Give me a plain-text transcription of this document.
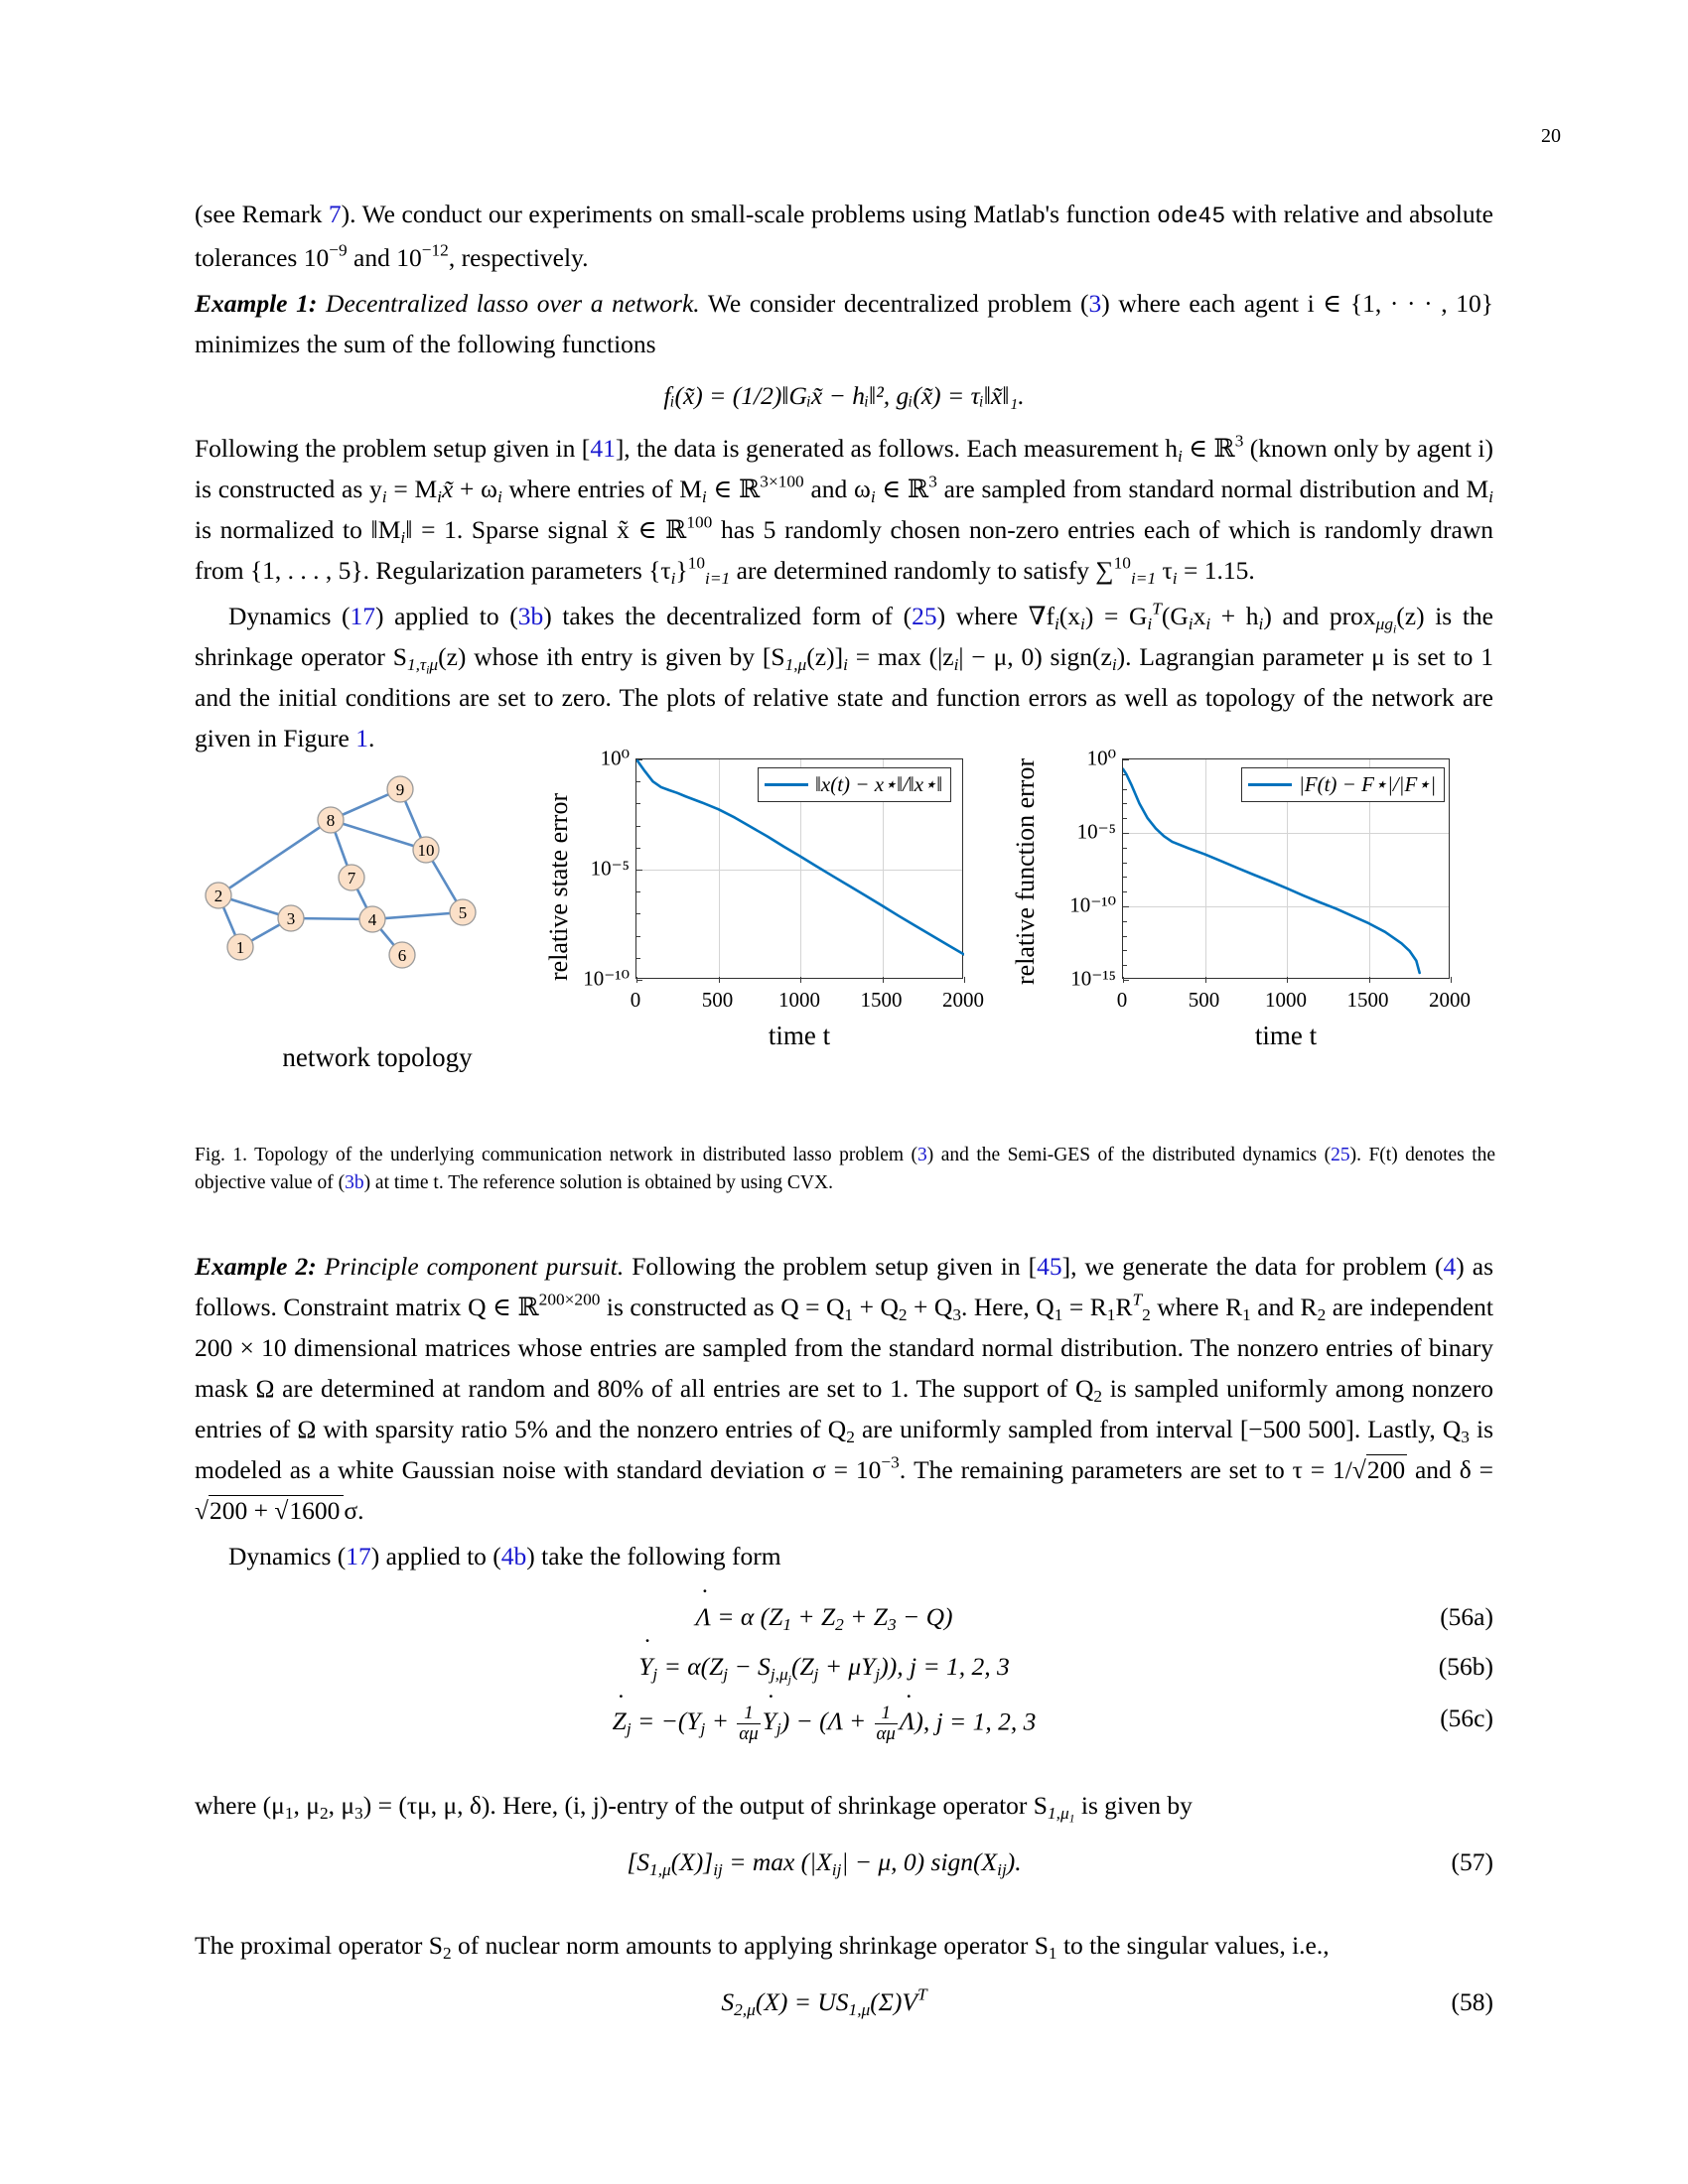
20

(see Remark 7). We conduct our experiments on small-scale problems using Matlab's function ode45 with relative and absolute tolerances $10^{-9}$ and $10^{-12}$, respectively.

Example 1: Decentralized lasso over a network. We consider decentralized problem (3) where each agent i ∈ {1, · · · , 10} minimizes the sum of the following functions

fᵢ(x̃) = (1/2)‖Gᵢx̃ − hᵢ‖², gᵢ(x̃) = τᵢ‖x̃‖₁.

Following the problem setup given in [41], the data is generated as follows. Each measurement $h_i$ ∈ ℝ$^3$ (known only by agent i) is constructed as $y_i$ = $M_ix̃ + \omega_i$ where entries of $M_i$ ∈ ℝ$^{3\times 100}$ and $\omega_i$ ∈ ℝ$^3$ are sampled from standard normal distribution and $M_i$ is normalized to $‖M_i‖ = 1$. Sparse signal x̃ ∈ ℝ$^{100}$ has 5 randomly chosen non-zero entries each of which is randomly drawn from {1, . . . , 5}. Regularization parameters $\{\tau_i\}^{10}_{i=1}$ are determined randomly to satisfy ∑$^{10}_{i=1}$ $\tau_i = 1.15$.

Dynamics (17) applied to (3b) takes the decentralized form of (25) where $\nabla f_i(x_i) = G_i^T(G_ix_i + h_i)$ and prox$_{\mu g_i}$(z) is the shrinkage operator $S_{1,\tau_i\mu}(z)$ whose ith entry is given by $[S_{1,\mu}(z)]_i = \max (|z_i| - \mu$, 0) $sign(z_i)$. Lagrangian parameter μ is set to 1 and the initial conditions are set to zero. The plots of relative state and function errors as well as topology of the network are given in Figure 1.

1
2
3	4	5
6
7
8
9
10
network topology
relative state error
10⁰
10⁻⁵
10⁻¹⁰
0	500 1000 1500 2000
time t
‖x(t) − x⋆‖/‖x⋆‖	relative function error
10⁰
10⁻⁵
10⁻¹⁰
10⁻¹⁵
0	500 1000 1500 2000
time t
|F(t) − F⋆|/|F⋆|
Fig. 1. Topology of the underlying communication network in distributed lasso problem (3) and the Semi-GES of the distributed dynamics (25). F(t) denotes the objective value of (3b) at time t. The reference solution is obtained by using CVX.

Example 2: Principle component pursuit. Following the problem setup given in [45], we generate the data for problem (4) as follows. Constraint matrix Q ∈ ℝ$^{200\times 200}$ is constructed as $Q = Q_1 + Q_2 + Q_3$. Here, $Q_1 = R_1R^T_2$ where $R_1$ and $R_2$ are independent 200 × 10 dimensional matrices whose entries are sampled from the standard normal distribution. The nonzero entries of binary mask Ω are determined at random and 80% of all entries are set to 1. The support of $Q_2$ is sampled uniformly among nonzero entries of Ω with sparsity ratio 5% and the nonzero entries of $Q_2$ are uniformly sampled from interval [−500 500]. Lastly, $Q_3$ is modeled as a white Gaussian noise with standard deviation $\sigma = 10^{-3}$. The remaining parameters are set to τ = 1/√200 and δ = √200 + √1600 σ.

Dynamics (17) applied to (4b) take the following form

Λ ˙ = α $(Z_1 + Z_2 + Z_3 - Q)$	(56a)
Y $˙_j = \alpha(Z_j - S_{j,\mu_j}(Z_j + \mu Y_j))$, j = 1, 2, 3	(56b)
Z $˙_j = -(Y_j + \frac{1}{\alpha\mu}$ Y $˙_j) - (\Lambda + \frac{1}{\alpha\mu}$ Λ ˙), j = 1, 2, 3	(56c)

where ($\mu_1$, $\mu_2$, $\mu_3) = (\tau\mu$, μ, δ). Here, (i, j)-entry of the output of shrinkage operator $S_{1,\mu_1}$ is given by

$[S_{1,\mu}(X)]_{ij} = \max (|X_{ij}| - \mu$, 0) $sign(X_{ij})$.	(57)

The proximal operator $S_2$ of nuclear norm amounts to applying shrinkage operator $S_1$ to the singular values, i.e.,

$S_{2,\mu}(X) = US_{1,\mu}(\Sigma)V^T$	(58)
